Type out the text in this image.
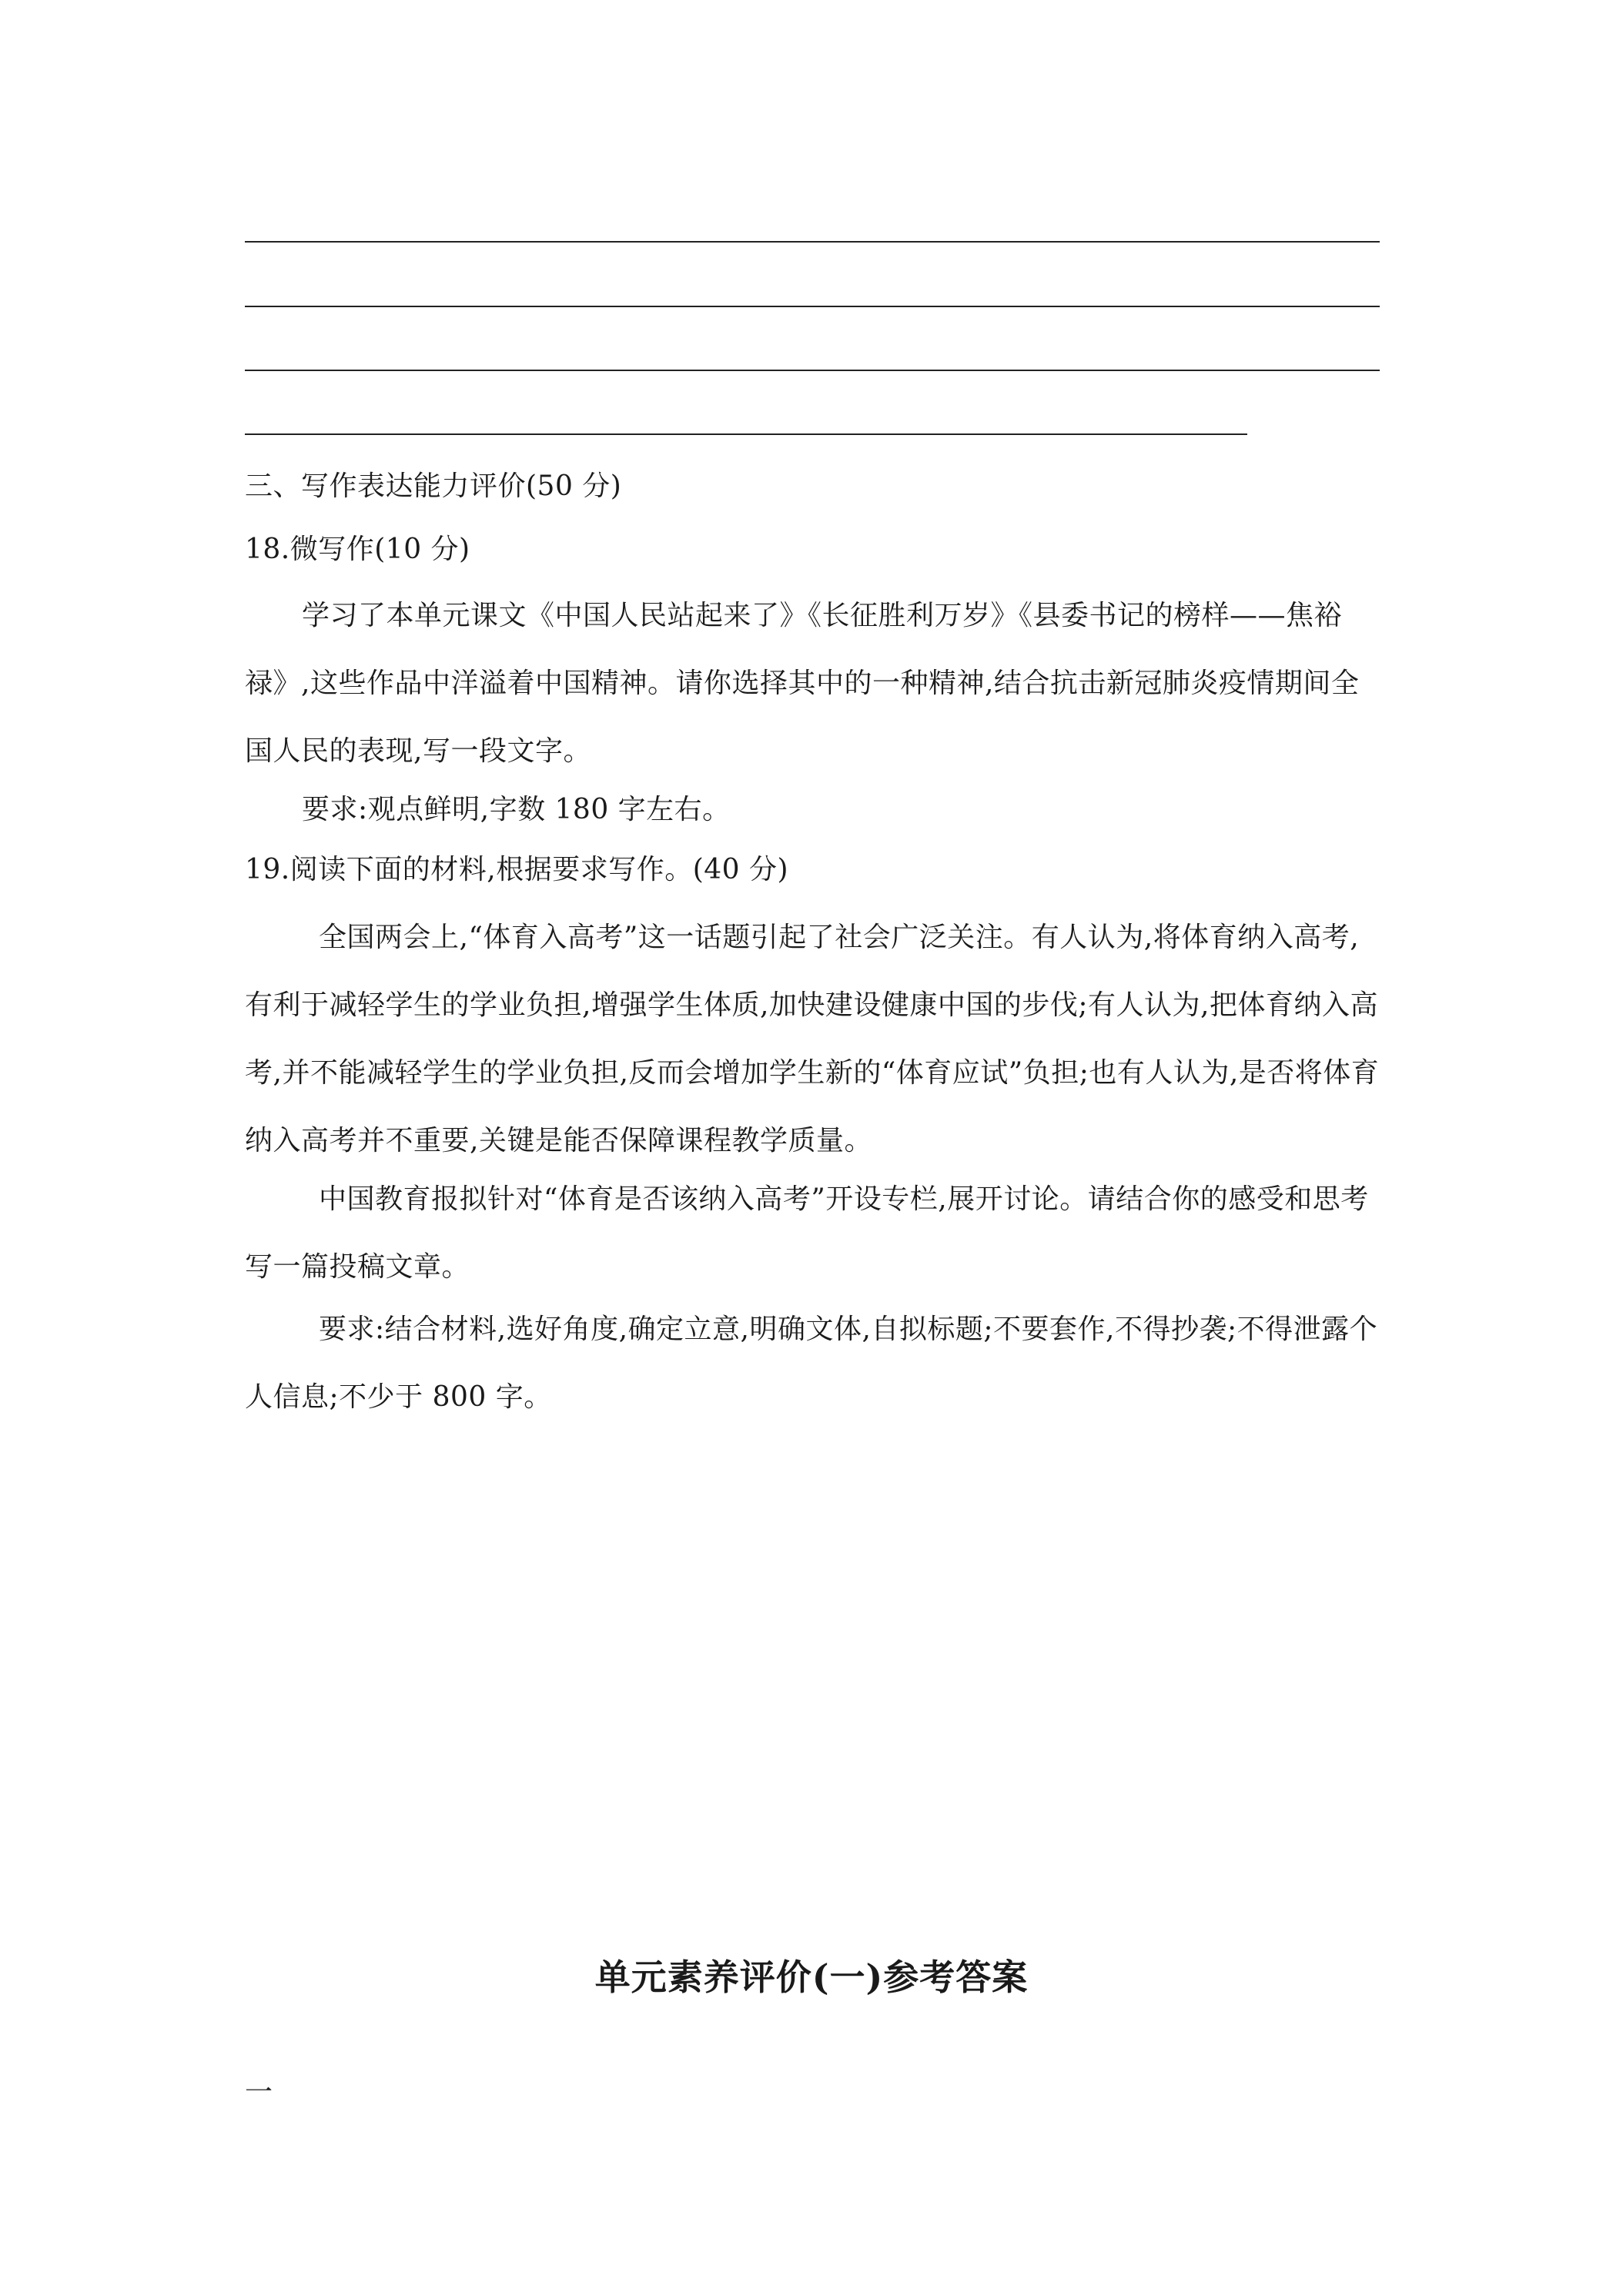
三、写作表达能力评价(50 分)
18.微写作(10 分)
学习了本单元课文《中国人民站起来了》《长征胜利万岁》《县委书记的榜样——焦裕禄》,这些作品中洋溢着中国精神。请你选择其中的一种精神,结合抗击新冠肺炎疫情期间全国人民的表现,写一段文字。
要求:观点鲜明,字数 180 字左右。
19.阅读下面的材料,根据要求写作。(40 分)
全国两会上,“体育入高考”这一话题引起了社会广泛关注。有人认为,将体育纳入高考,有利于减轻学生的学业负担,增强学生体质,加快建设健康中国的步伐;有人认为,把体育纳入高考,并不能减轻学生的学业负担,反而会增加学生新的“体育应试”负担;也有人认为,是否将体育纳入高考并不重要,关键是能否保障课程教学质量。
中国教育报拟针对“体育是否该纳入高考”开设专栏,展开讨论。请结合你的感受和思考写一篇投稿文章。
要求:结合材料,选好角度,确定立意,明确文体,自拟标题;不要套作,不得抄袭;不得泄露个人信息;不少于 800 字。
单元素养评价(一)参考答案
一
